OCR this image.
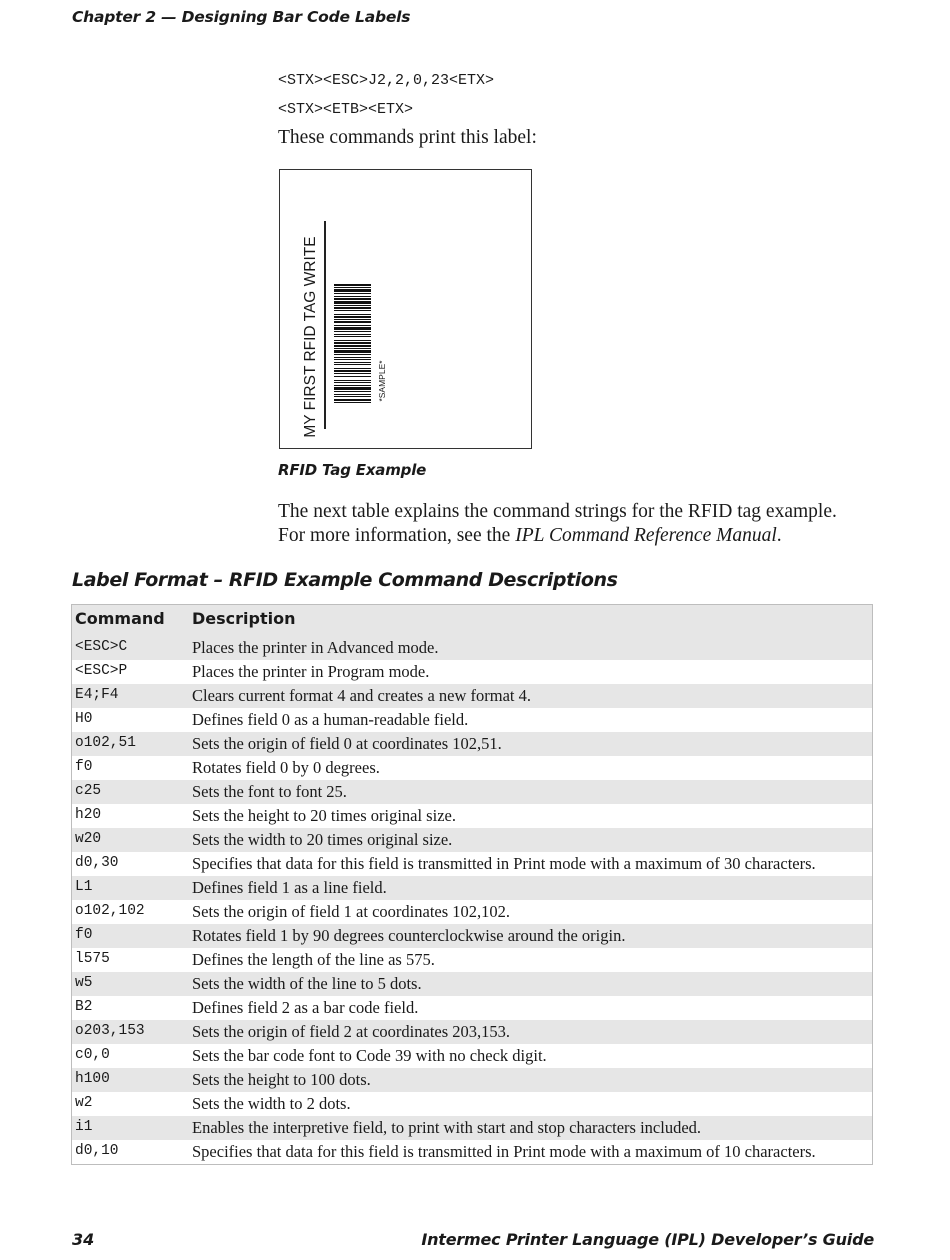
Chapter 2 — Designing Bar Code Labels
<STX><ESC>J2,2,0,23<ETX>
<STX><ETB><ETX>
These commands print this label:
MY FIRST RFID TAG WRITE	*SAMPLE*
RFID Tag Example
The next table explains the command strings for the RFID tag example.
For more information, see the IPL Command Reference Manual.
Label Format – RFID Example Command Descriptions
Command Description
<ESC>C	Places the printer in Advanced mode.
<ESC>P	Places the printer in Program mode.
E4;F4	Clears current format 4 and creates a new format 4.
H0	Defines field 0 as a human-readable field.
o102,51	Sets the origin of field 0 at coordinates 102,51.
f0	Rotates field 0 by 0 degrees.
c25	Sets the font to font 25.
h20	Sets the height to 20 times original size.
w20	Sets the width to 20 times original size.
d0,30	Specifies that data for this field is transmitted in Print mode with a maximum of 30 characters.
L1	Defines field 1 as a line field.
o102,102	Sets the origin of field 1 at coordinates 102,102.
f0	Rotates field 1 by 90 degrees counterclockwise around the origin.
l575	Defines the length of the line as 575.
w5	Sets the width of the line to 5 dots.
B2	Defines field 2 as a bar code field.
o203,153	Sets the origin of field 2 at coordinates 203,153.
c0,0	Sets the bar code font to Code 39 with no check digit.
h100	Sets the height to 100 dots.
w2	Sets the width to 2 dots.
i1	Enables the interpretive field, to print with start and stop characters included.
d0,10	Specifies that data for this field is transmitted in Print mode with a maximum of 10 characters.
34	Intermec Printer Language (IPL) Developer’s Guide
